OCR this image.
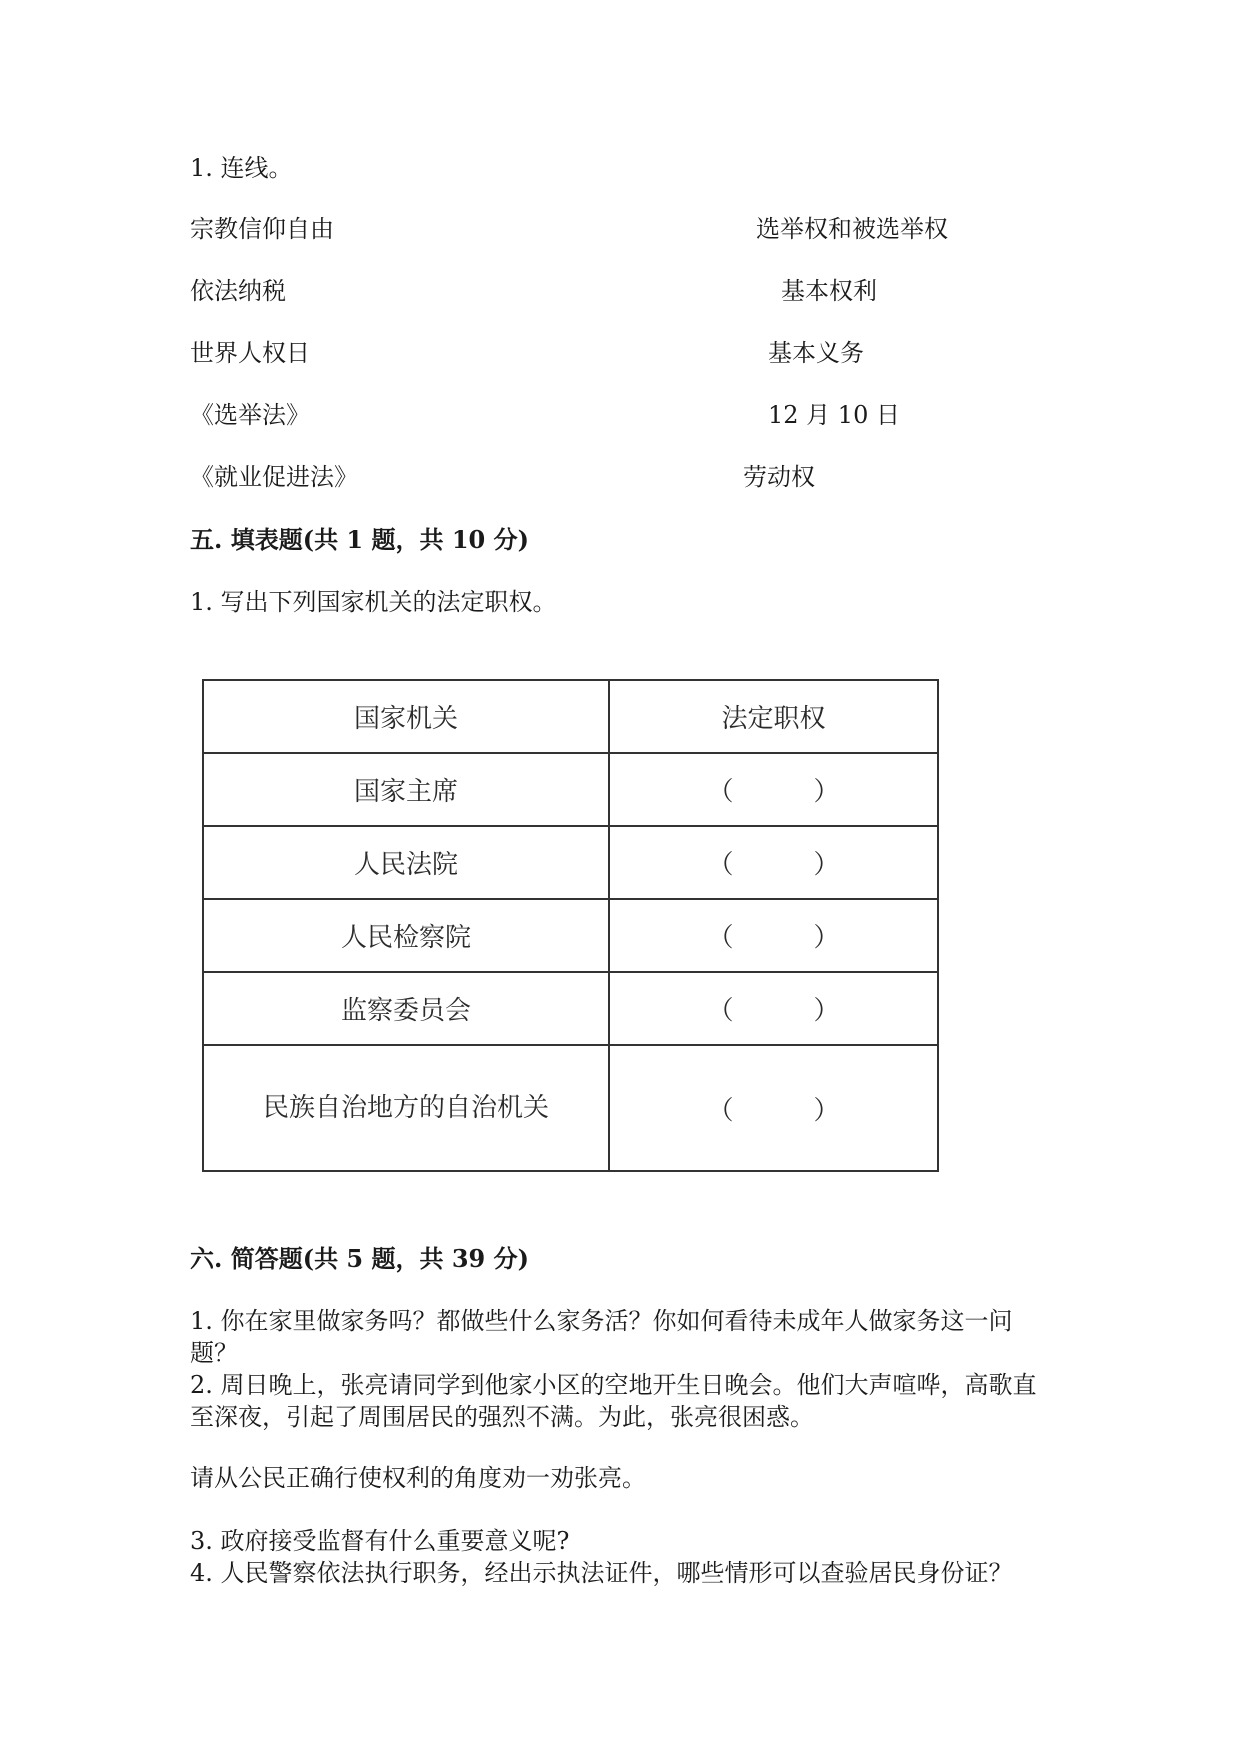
1. 连线。
宗教信仰自由	选举权和被选举权
依法纳税	基本权利
世界人权日	基本义务
《选举法》	12 月 10 日
《就业促进法》	劳动权
五. 填表题(共 1 题，共 10 分)
1. 写出下列国家机关的法定职权。
国家机关	法定职权
国家主席	（ ）
人民法院	（ ）
人民检察院	（ ）
监察委员会	（ ）
民族自治地方的自治机关	（ ）
六. 简答题(共 5 题，共 39 分)
1. 你在家里做家务吗？都做些什么家务活？你如何看待未成年人做家务这一问题？
2. 周日晚上，张亮请同学到他家小区的空地开生日晚会。他们大声喧哗，高歌直至深夜，引起了周围居民的强烈不满。为此，张亮很困惑。
请从公民正确行使权利的角度劝一劝张亮。
3. 政府接受监督有什么重要意义呢?
4. 人民警察依法执行职务，经出示执法证件，哪些情形可以查验居民身份证？
